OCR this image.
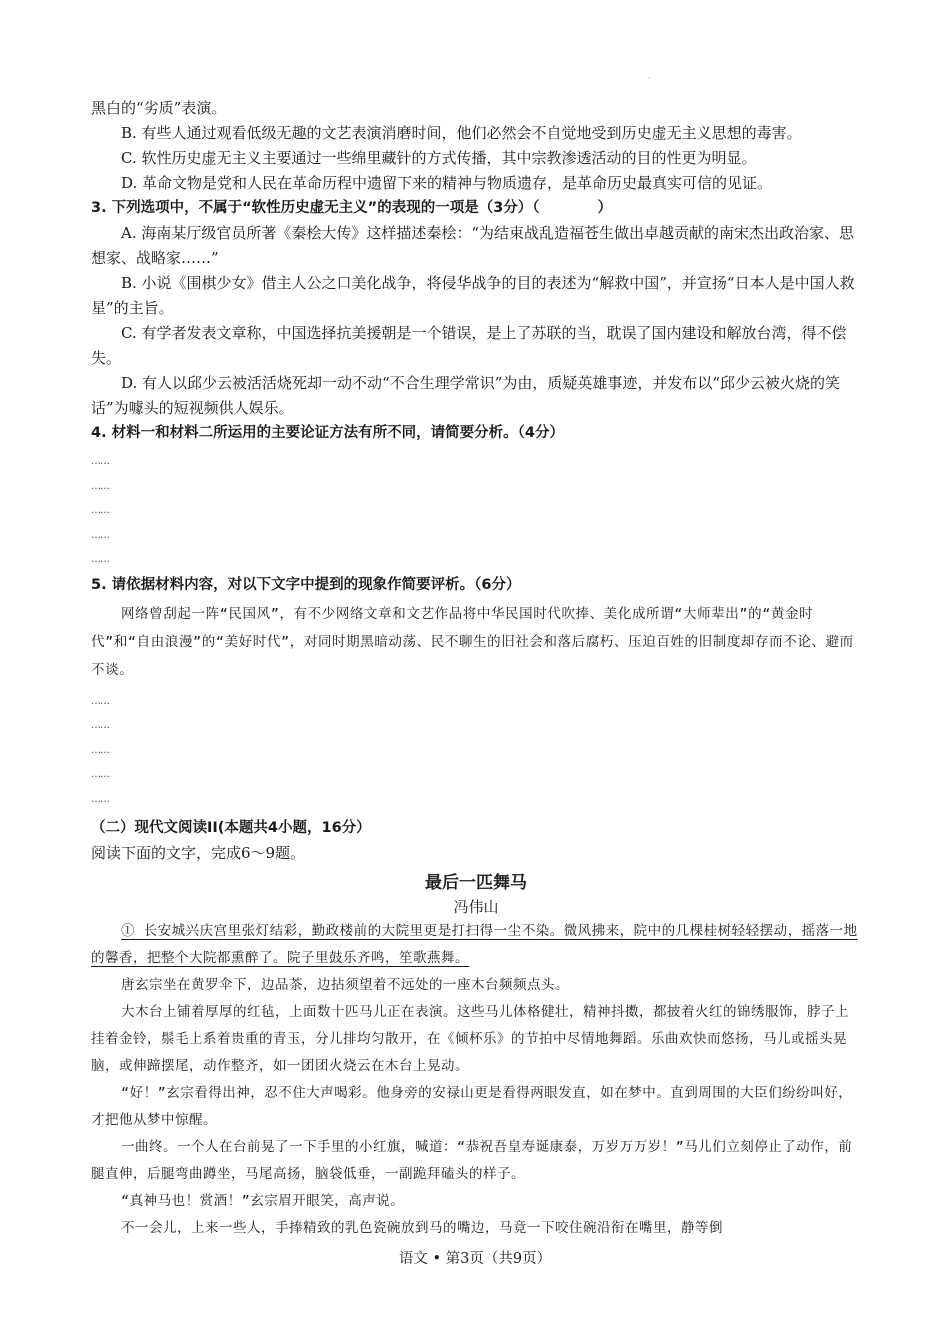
·

黑白的“劣质”表演。

B. 有些人通过观看低级无趣的文艺表演消磨时间，他们必然会不自觉地受到历史虚无主义思想的毒害。

C. 软性历史虚无主义主要通过一些绵里藏针的方式传播，其中宗教渗透活动的目的性更为明显。

D. 革命文物是党和人民在革命历程中遗留下来的精神与物质遗存，是革命历史最真实可信的见证。

3. 下列选项中，不属于“软性历史虚无主义”的表现的一项是（3分）（　　　　）

A. 海南某厅级官员所著《秦桧大传》这样描述秦桧：“为结束战乱造福苍生做出卓越贡献的南宋杰出政治家、思想家、战略家……”

B. 小说《围棋少女》借主人公之口美化战争，将侵华战争的目的表述为“解救中国”，并宣扬“日本人是中国人救星”的主旨。

C. 有学者发表文章称，中国选择抗美援朝是一个错误，是上了苏联的当，耽误了国内建设和解放台湾，得不偿失。

D. 有人以邱少云被活活烧死却一动不动“不合生理学常识”为由，质疑英雄事迹，并发布以“邱少云被火烧的笑话”为噱头的短视频供人娱乐。

4. 材料一和材料二所运用的主要论证方法有所不同，请简要分析。（4分）

……

……

……

……

……

5. 请依据材料内容，对以下文字中提到的现象作简要评析。（6分）

网络曾刮起一阵“民国风”，有不少网络文章和文艺作品将中华民国时代吹捧、美化成所谓“大师辈出”的“黄金时代”和“自由浪漫”的“美好时代”，对同时期黑暗动荡、民不聊生的旧社会和落后腐朽、压迫百姓的旧制度却存而不论、避而不谈。

……

……

……

……

……

（二）现代文阅读II(本题共4小题，16分）

阅读下面的文字，完成6～9题。

最后一匹舞马

冯伟山

① 长安城兴庆宫里张灯结彩，勤政楼前的大院里更是打扫得一尘不染。微风拂来，院中的几棵桂树轻轻摆动，摇落一地的馨香，把整个大院都熏醉了。院子里鼓乐齐鸣，笙歌燕舞。

唐玄宗坐在黄罗伞下，边品茶，边拈须望着不远处的一座木台频频点头。

大木台上铺着厚厚的红毡，上面数十匹马儿正在表演。这些马儿体格健壮，精神抖擞，都披着火红的锦绣服饰，脖子上挂着金铃，鬃毛上系着贵重的青玉，分儿排均匀散开，在《倾杯乐》的节拍中尽情地舞蹈。乐曲欢快而悠扬，马儿或摇头晃脑，或伸蹄摆尾，动作整齐，如一团团火烧云在木台上晃动。

“好！”玄宗看得出神，忍不住大声喝彩。他身旁的安禄山更是看得两眼发直，如在梦中。直到周围的大臣们纷纷叫好，才把他从梦中惊醒。

一曲终。一个人在台前晃了一下手里的小红旗，喊道：“恭祝吾皇寿诞康泰，万岁万万岁！”马儿们立刻停止了动作，前腿直伸，后腿弯曲蹲坐，马尾高扬，脑袋低垂，一副跪拜磕头的样子。

“真神马也！赏酒！”玄宗眉开眼笑，高声说。

不一会儿，上来一些人，手捧精致的乳色瓷碗放到马的嘴边，马竟一下咬住碗沿衔在嘴里，静等倒

语文 • 第3页（共9页）
